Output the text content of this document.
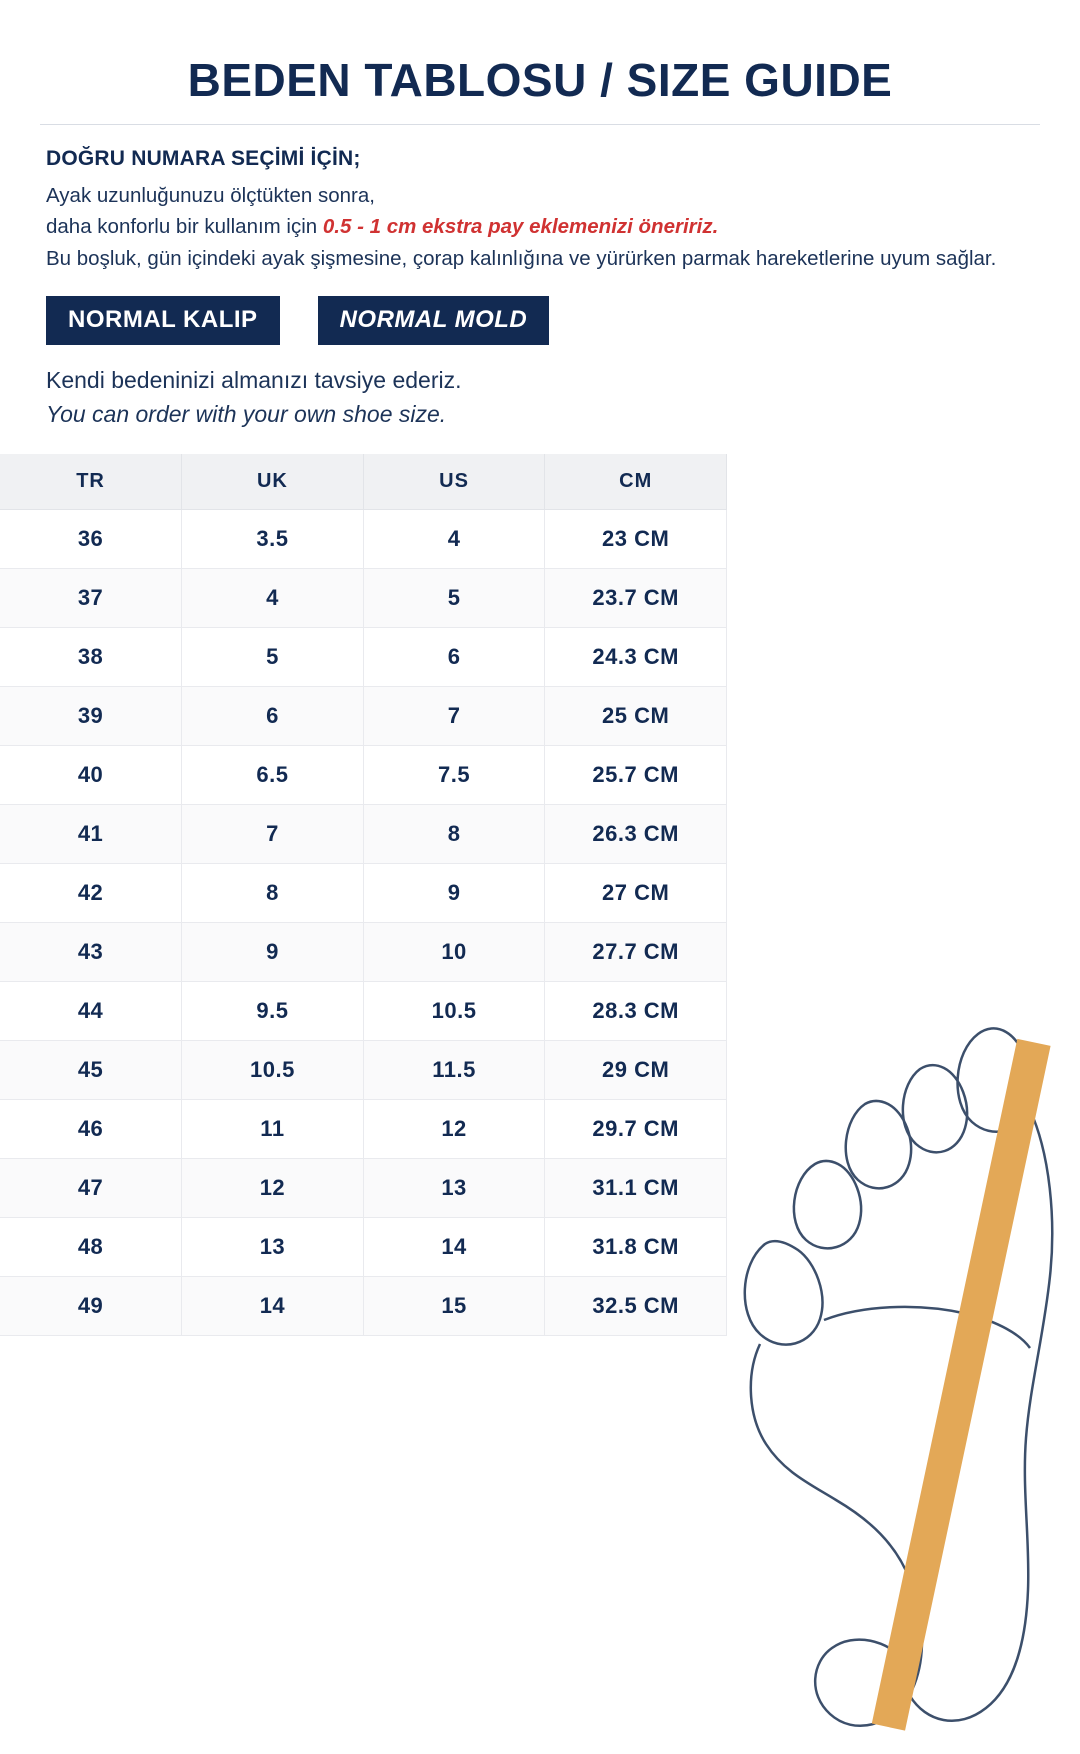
BEDEN TABLOSU / SIZE GUIDE
DOĞRU NUMARA SEÇİMİ İÇİN;
Ayak uzunluğunuzu ölçtükten sonra,
daha konforlu bir kullanım için 0.5 - 1 cm ekstra pay eklemenizi öneririz.
Bu boşluk, gün içindeki ayak şişmesine, çorap kalınlığına ve yürürken parmak hareketlerine uyum sağlar.
NORMAL KALIP	NORMAL MOLD
Kendi bedeninizi almanızı tavsiye ederiz.
You can order with your own shoe size.
TR	UK	US	CM
36	3.5	4	23 CM
37	4	5	23.7 CM
38	5	6	24.3 CM
39	6	7	25 CM
40	6.5	7.5	25.7 CM
41	7	8	26.3 CM
42	8	9	27 CM
43	9	10	27.7 CM
44	9.5	10.5	28.3 CM
45	10.5	11.5	29 CM
46	11	12	29.7 CM
47	12	13	31.1 CM
48	13	14	31.8 CM
49	14	15	32.5 CM
